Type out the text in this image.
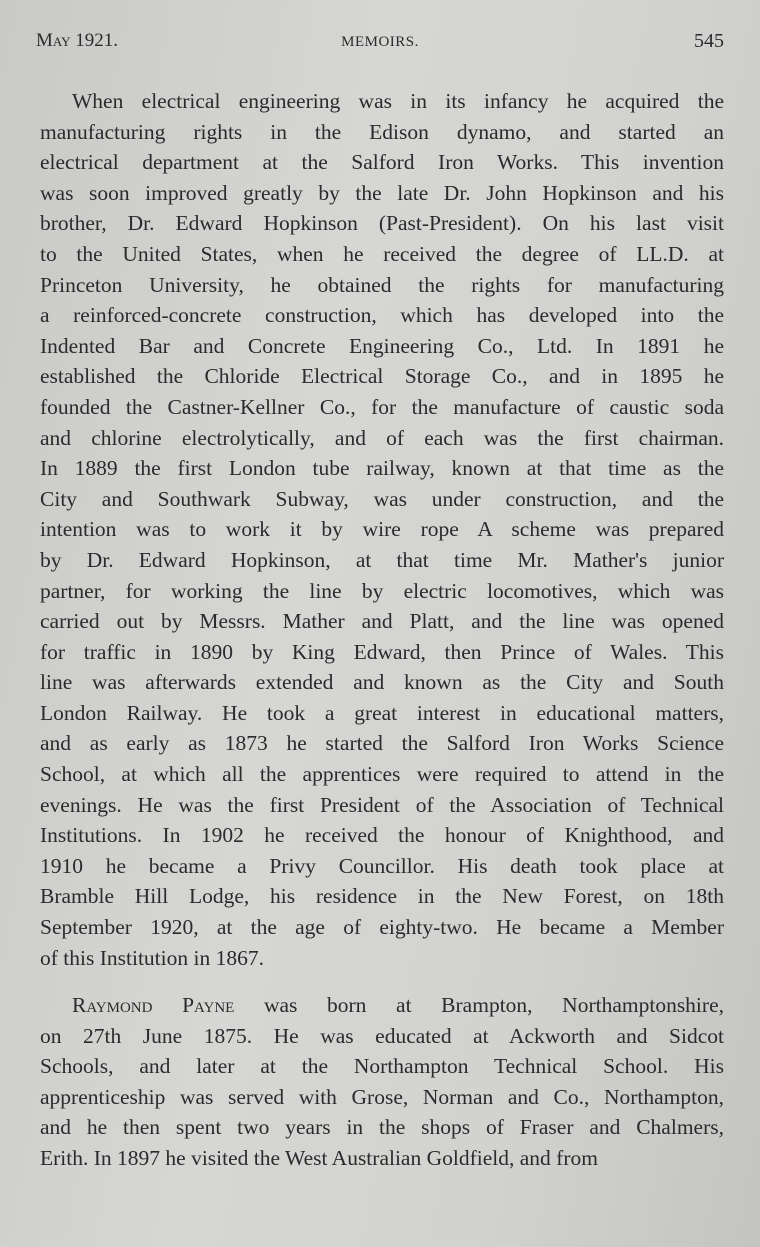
May 1921.	MEMOIRS.	545
When electrical engineering was in its infancy he acquired the
manufacturing rights in the Edison dynamo, and started an
electrical department at the Salford Iron Works. This invention
was soon improved greatly by the late Dr. John Hopkinson and his
brother, Dr. Edward Hopkinson (Past-President). On his last visit
to the United States, when he received the degree of LL.D. at
Princeton University, he obtained the rights for manufacturing
a reinforced-concrete construction, which has developed into the
Indented Bar and Concrete Engineering Co., Ltd. In 1891 he
established the Chloride Electrical Storage Co., and in 1895 he
founded the Castner-Kellner Co., for the manufacture of caustic soda
and chlorine electrolytically, and of each was the first chairman.
In 1889 the first London tube railway, known at that time as the
City and Southwark Subway, was under construction, and the
intention was to work it by wire rope A scheme was prepared
by Dr. Edward Hopkinson, at that time Mr. Mather's junior
partner, for working the line by electric locomotives, which was
carried out by Messrs. Mather and Platt, and the line was opened
for traffic in 1890 by King Edward, then Prince of Wales. This
line was afterwards extended and known as the City and South
London Railway. He took a great interest in educational matters,
and as early as 1873 he started the Salford Iron Works Science
School, at which all the apprentices were required to attend in the
evenings. He was the first President of the Association of Technical
Institutions. In 1902 he received the honour of Knighthood, and
1910 he became a Privy Councillor. His death took place at
Bramble Hill Lodge, his residence in the New Forest, on 18th
September 1920, at the age of eighty-two. He became a Member
of this Institution in 1867.
Raymond Payne was born at Brampton, Northamptonshire,
on 27th June 1875. He was educated at Ackworth and Sidcot
Schools, and later at the Northampton Technical School. His
apprenticeship was served with Grose, Norman and Co., Northampton,
and he then spent two years in the shops of Fraser and Chalmers,
Erith. In 1897 he visited the West Australian Goldfield, and from
